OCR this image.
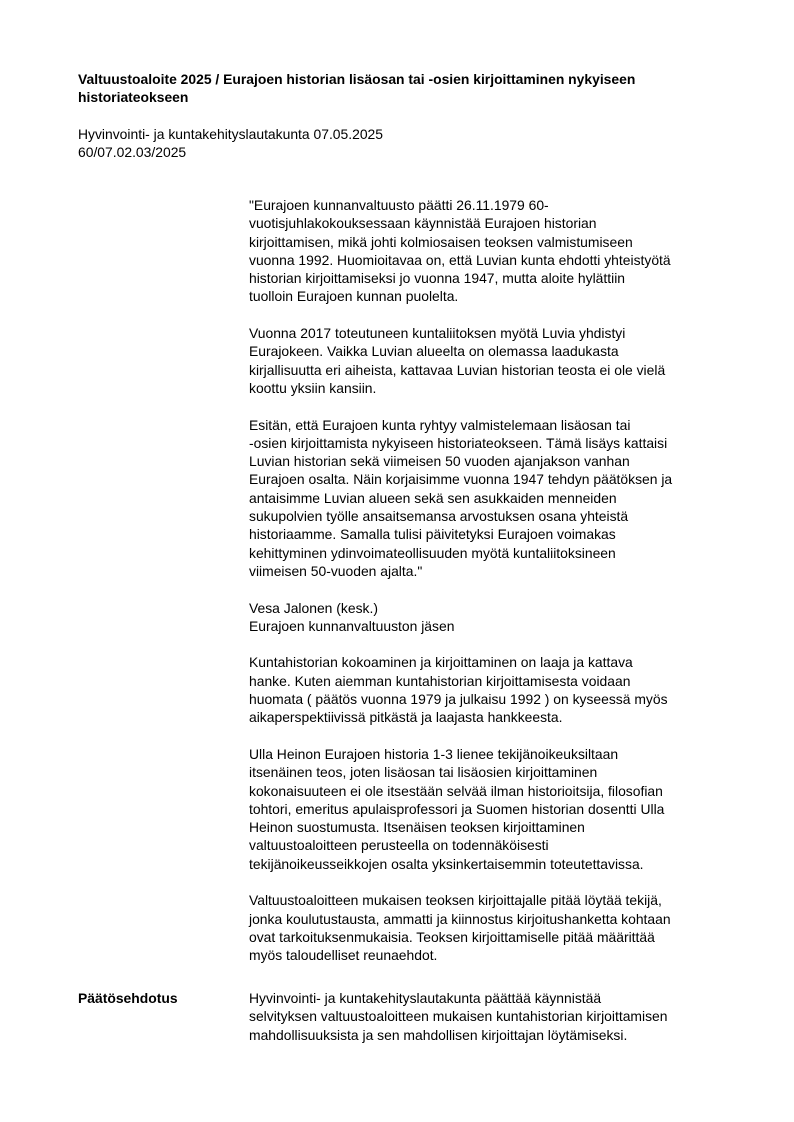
Valtuustoaloite 2025 / Eurajoen historian lisäosan tai -osien kirjoittaminen nykyiseen
historiateokseen
Hyvinvointi- ja kuntakehityslautakunta 07.05.2025
60/07.02.03/2025
"Eurajoen kunnanvaltuusto päätti 26.11.1979 60-
vuotisjuhlakokouksessaan käynnistää Eurajoen historian
kirjoittamisen, mikä johti kolmiosaisen teoksen valmistumiseen
vuonna 1992. Huomioitavaa on, että Luvian kunta ehdotti yhteistyötä
historian kirjoittamiseksi jo vuonna 1947, mutta aloite hylättiin
tuolloin Eurajoen kunnan puolelta.
Vuonna 2017 toteutuneen kuntaliitoksen myötä Luvia yhdistyi
Eurajokeen. Vaikka Luvian alueelta on olemassa laadukasta
kirjallisuutta eri aiheista, kattavaa Luvian historian teosta ei ole vielä
koottu yksiin kansiin.
Esitän, että Eurajoen kunta ryhtyy valmistelemaan lisäosan tai
-osien kirjoittamista nykyiseen historiateokseen. Tämä lisäys kattaisi
Luvian historian sekä viimeisen 50 vuoden ajanjakson vanhan
Eurajoen osalta. Näin korjaisimme vuonna 1947 tehdyn päätöksen ja
antaisimme Luvian alueen sekä sen asukkaiden menneiden
sukupolvien työlle ansaitsemansa arvostuksen osana yhteistä
historiaamme. Samalla tulisi päivitetyksi Eurajoen voimakas
kehittyminen ydinvoimateollisuuden myötä kuntaliitoksineen
viimeisen 50-vuoden ajalta."
Vesa Jalonen (kesk.)
Eurajoen kunnanvaltuuston jäsen
Kuntahistorian kokoaminen ja kirjoittaminen on laaja ja kattava
hanke. Kuten aiemman kuntahistorian kirjoittamisesta voidaan
huomata ( päätös vuonna 1979 ja julkaisu 1992 ) on kyseessä myös
aikaperspektiivissä pitkästä ja laajasta hankkeesta.
Ulla Heinon Eurajoen historia 1-3 lienee tekijänoikeuksiltaan
itsenäinen teos, joten lisäosan tai lisäosien kirjoittaminen
kokonaisuuteen ei ole itsestään selvää ilman historioitsija, filosofian
tohtori, emeritus apulaisprofessori ja Suomen historian dosentti Ulla
Heinon suostumusta. Itsenäisen teoksen kirjoittaminen
valtuustoaloitteen perusteella on todennäköisesti
tekijänoikeusseikkojen osalta yksinkertaisemmin toteutettavissa.
Valtuustoaloitteen mukaisen teoksen kirjoittajalle pitää löytää tekijä,
jonka koulutustausta, ammatti ja kiinnostus kirjoitushanketta kohtaan
ovat tarkoituksenmukaisia. Teoksen kirjoittamiselle pitää määrittää
myös taloudelliset reunaehdot.
Päätösehdotus	Hyvinvointi- ja kuntakehityslautakunta päättää käynnistää
selvityksen valtuustoaloitteen mukaisen kuntahistorian kirjoittamisen
mahdollisuuksista ja sen mahdollisen kirjoittajan löytämiseksi.
